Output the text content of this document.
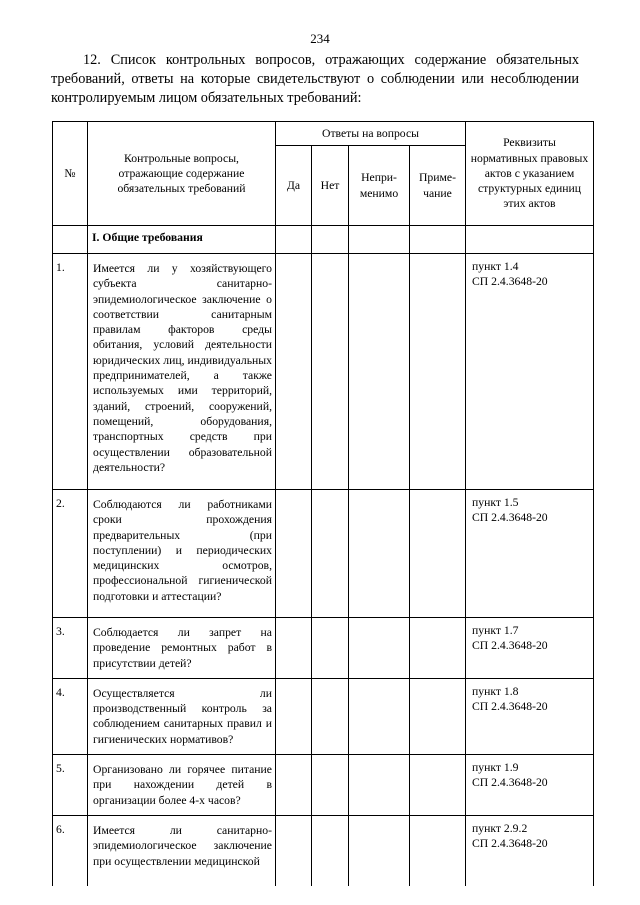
234
12. Список контрольных вопросов, отражающих содержание обязательных требований, ответы на которые свидетельствуют о соблюдении или несоблюдении контролируемым лицом обязательных требований:
№	Контрольные вопросы, отражающие содержание обязательных требований	Ответы на вопросы				Реквизиты нормативных правовых актов с указанием структурных единиц этих актов
		Да	Нет	Непри-менимо	Приме-чание	
	I. Общие требования					
1.	Имеется ли у хозяйствующего субъекта санитарно-эпидемиологическое заключение о соответствии санитарным правилам факторов среды обитания, условий деятельности юридических лиц, индивидуальных предпринимателей, а также используемых ими территорий, зданий, строений, сооружений, помещений, оборудования, транспортных средств при осуществлении образовательной деятельности?					пункт 1.4
СП 2.4.3648-20

2.	Соблюдаются ли работниками сроки прохождения предварительных (при поступлении) и периодических медицинских осмотров, профессиональной гигиенической подготовки и аттестации?					пункт 1.5
СП 2.4.3648-20

3.	Соблюдается ли запрет на проведение ремонтных работ в присутствии детей?					пункт 1.7
СП 2.4.3648-20

4.	Осуществляется ли производственный контроль за соблюдением санитарных правил и гигиенических нормативов?					пункт 1.8
СП 2.4.3648-20

5.	Организовано ли горячее питание при нахождении детей в организации более 4-х часов?					пункт 1.9
СП 2.4.3648-20

6.	Имеется ли санитарно-эпидемиологическое заключение при осуществлении медицинской					пункт 2.9.2
СП 2.4.3648-20
